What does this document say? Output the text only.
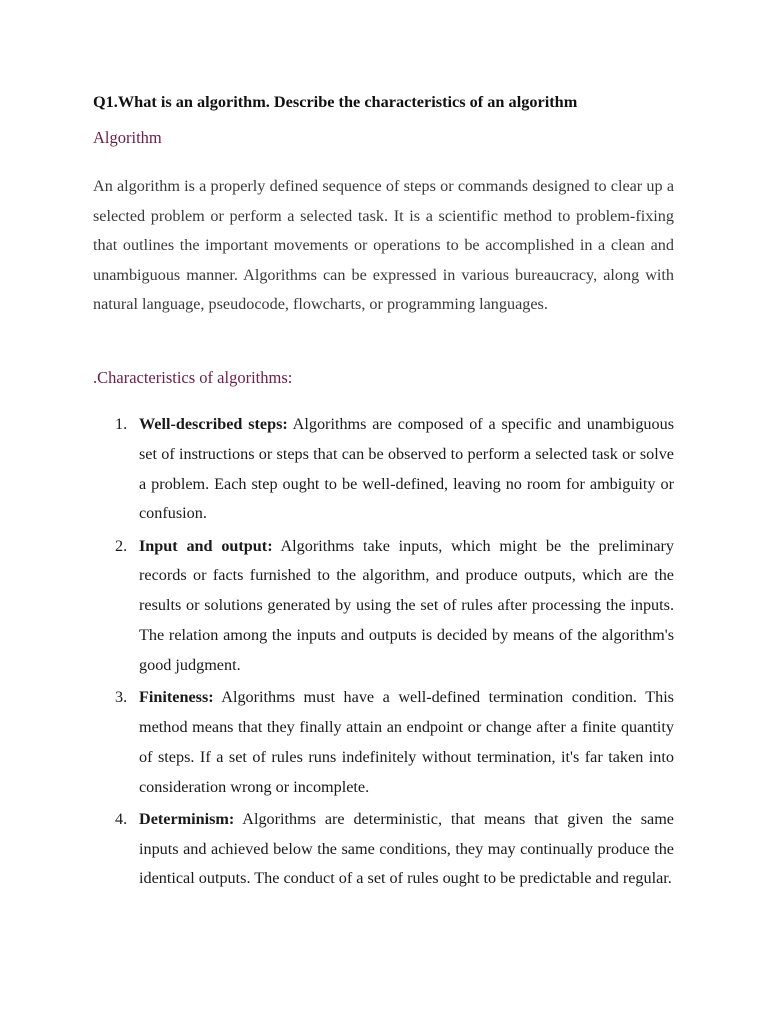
Q1.What is an algorithm. Describe the characteristics of an algorithm

Algorithm

An algorithm is a properly defined sequence of steps or commands designed to clear up a selected problem or perform a selected task. It is a scientific method to problem-fixing that outlines the important movements or operations to be accomplished in a clean and unambiguous manner. Algorithms can be expressed in various bureaucracy, along with natural language, pseudocode, flowcharts, or programming languages.

.Characteristics of algorithms:

1. Well-described steps: Algorithms are composed of a specific and unambiguous set of instructions or steps that can be observed to perform a selected task or solve a problem. Each step ought to be well-defined, leaving no room for ambiguity or confusion.
2. Input and output: Algorithms take inputs, which might be the preliminary records or facts furnished to the algorithm, and produce outputs, which are the results or solutions generated by using the set of rules after processing the inputs. The relation among the inputs and outputs is decided by means of the algorithm's good judgment.
3. Finiteness: Algorithms must have a well-defined termination condition. This method means that they finally attain an endpoint or change after a finite quantity of steps. If a set of rules runs indefinitely without termination, it's far taken into consideration wrong or incomplete.
4. Determinism: Algorithms are deterministic, that means that given the same inputs and achieved below the same conditions, they may continually produce the identical outputs. The conduct of a set of rules ought to be predictable and regular.
